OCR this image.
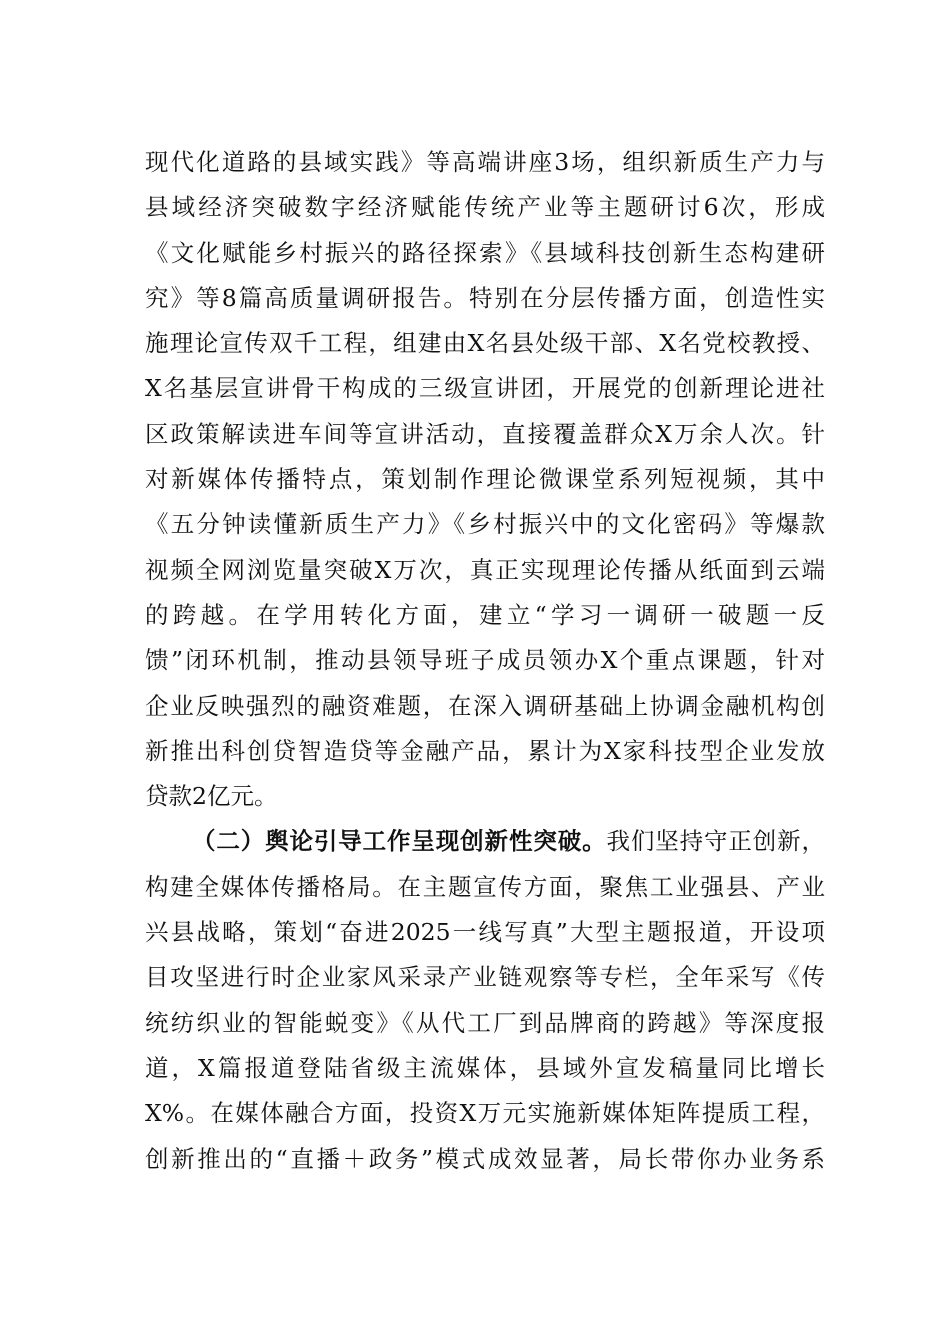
现代化道路的县域实践》等高端讲座3场，组织新质生产力与
县域经济突破数字经济赋能传统产业等主题研讨6次，形成
《文化赋能乡村振兴的路径探索》《县域科技创新生态构建研
究》等8篇高质量调研报告。特别在分层传播方面，创造性实
施理论宣传双千工程，组建由X名县处级干部、X名党校教授、
X名基层宣讲骨干构成的三级宣讲团，开展党的创新理论进社
区政策解读进车间等宣讲活动，直接覆盖群众X万余人次。针
对新媒体传播特点，策划制作理论微课堂系列短视频，其中
《五分钟读懂新质生产力》《乡村振兴中的文化密码》等爆款
视频全网浏览量突破X万次，真正实现理论传播从纸面到云端
的跨越。在学用转化方面，建立“学习一调研一破题一反
馈”闭环机制，推动县领导班子成员领办X个重点课题，针对
企业反映强烈的融资难题，在深入调研基础上协调金融机构创
新推出科创贷智造贷等金融产品，累计为X家科技型企业发放
贷款2亿元。
（二）舆论引导工作呈现创新性突破。我们坚持守正创新，
构建全媒体传播格局。在主题宣传方面，聚焦工业强县、产业
兴县战略，策划“奋进2025一线写真”大型主题报道，开设项
目攻坚进行时企业家风采录产业链观察等专栏，全年采写《传
统纺织业的智能蜕变》《从代工厂到品牌商的跨越》等深度报
道，X篇报道登陆省级主流媒体，县域外宣发稿量同比增长
X%。在媒体融合方面，投资X万元实施新媒体矩阵提质工程，
创新推出的“直播＋政务”模式成效显著，局长带你办业务系
